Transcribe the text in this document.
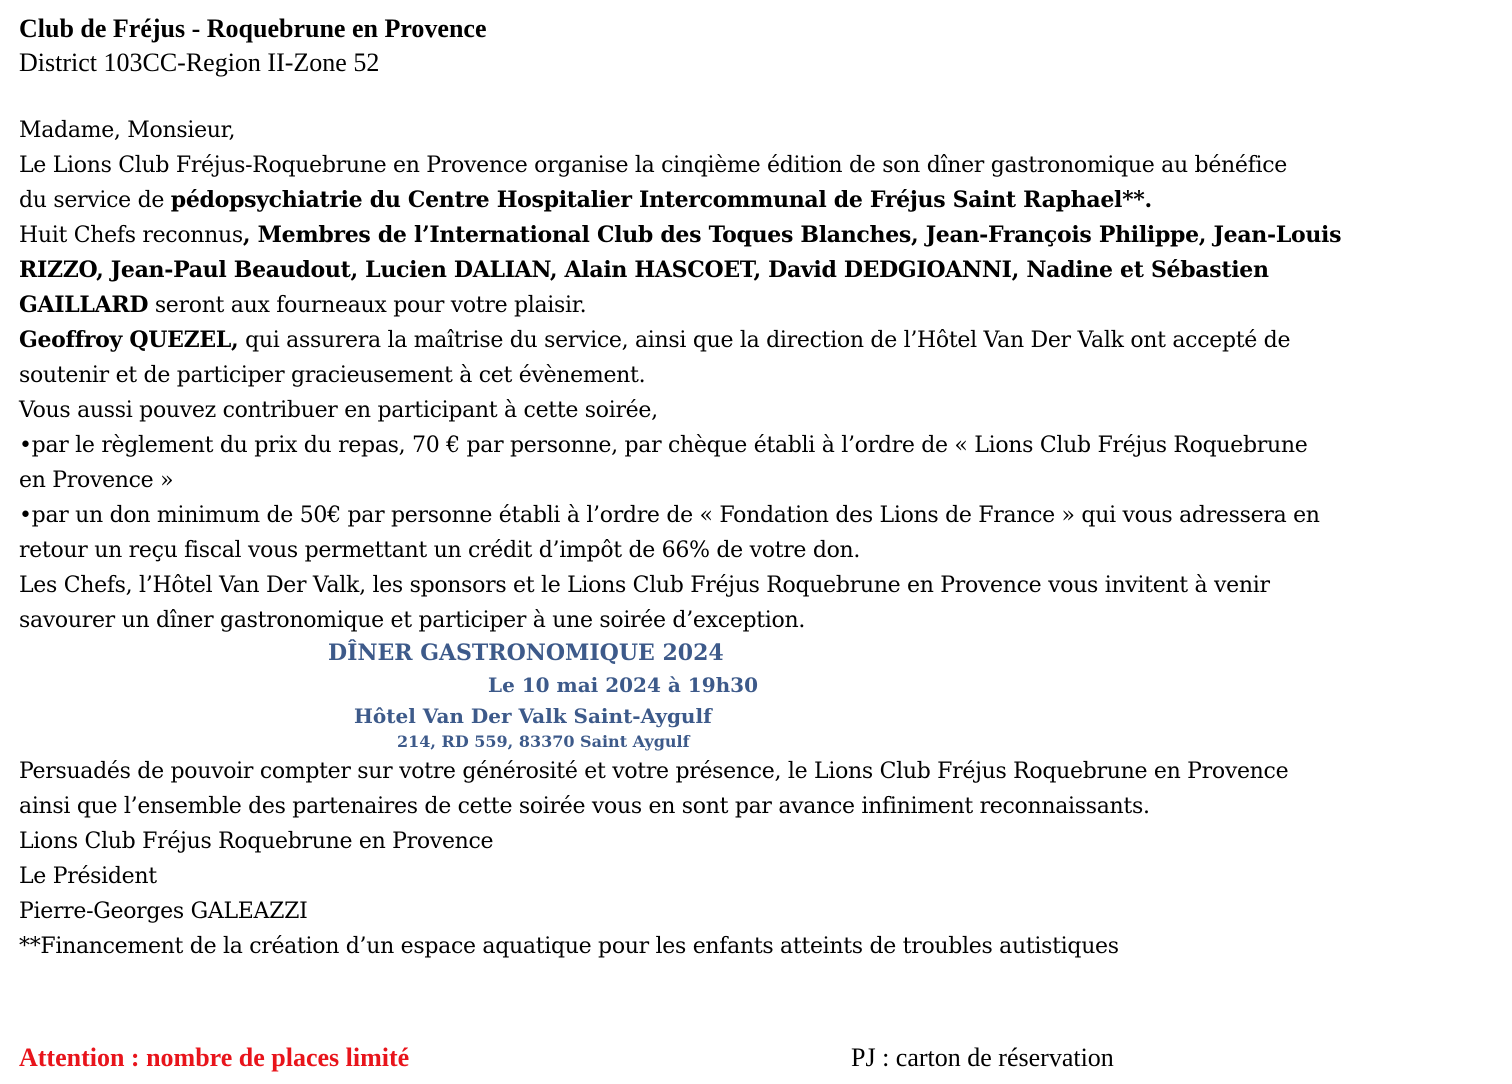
Club de Fréjus - Roquebrune en Provence

District 103CC-Region II-Zone 52

Madame, Monsieur,
Le Lions Club Fréjus-Roquebrune en Provence organise la cinqième édition de son dîner gastronomique au bénéfice
du service de pédopsychiatrie du Centre Hospitalier Intercommunal de Fréjus Saint Raphael**.
Huit Chefs reconnus, Membres de l’International Club des Toques Blanches, Jean-François Philippe, Jean-Louis
RIZZO, Jean-Paul Beaudout, Lucien DALIAN, Alain HASCOET, David DEDGIOANNI, Nadine et Sébastien
GAILLARD seront aux fourneaux pour votre plaisir.
Geoffroy QUEZEL, qui assurera la maîtrise du service, ainsi que la direction de l’Hôtel Van Der Valk ont accepté de
soutenir et de participer gracieusement à cet évènement.
Vous aussi pouvez contribuer en participant à cette soirée,
•par le règlement du prix du repas, 70 € par personne, par chèque établi à l’ordre de « Lions Club Fréjus Roquebrune
en Provence »
•par un don minimum de 50€ par personne établi à l’ordre de « Fondation des Lions de France » qui vous adressera en
retour un reçu fiscal vous permettant un crédit d’impôt de 66% de votre don.
Les Chefs, l’Hôtel Van Der Valk, les sponsors et le Lions Club Fréjus Roquebrune en Provence vous invitent à venir
savourer un dîner gastronomique et participer à une soirée d’exception.
DÎNER GASTRONOMIQUE 2024
Le 10 mai 2024 à 19h30
Hôtel Van Der Valk Saint-Aygulf
214, RD 559, 83370 Saint Aygulf
Persuadés de pouvoir compter sur votre générosité et votre présence, le Lions Club Fréjus Roquebrune en Provence
ainsi que l’ensemble des partenaires de cette soirée vous en sont par avance infiniment reconnaissants.
Lions Club Fréjus Roquebrune en Provence
Le Président
Pierre-Georges GALEAZZI
**Financement de la création d’un espace aquatique pour les enfants atteints de troubles autistiques
Attention : nombre de places limité	PJ : carton de réservation
